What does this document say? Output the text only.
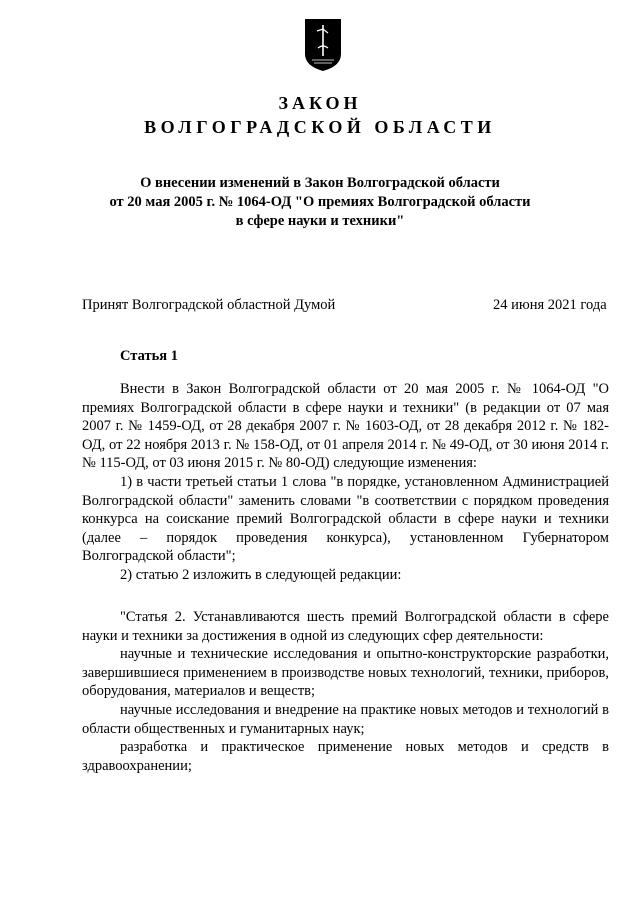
ЗАКОН
ВОЛГОГРАДСКОЙ ОБЛАСТИ
О внесении изменений в Закон Волгоградской области
от 20 мая 2005 г. № 1064-ОД "О премиях Волгоградской области
в сфере науки и техники"
Принят Волгоградской областной Думой	24 июня 2021 года
Статья 1

Внести в Закон Волгоградской области от 20 мая 2005 г. № 1064-ОД "О премиях Волгоградской области в сфере науки и техники" (в редакции от 07 мая 2007 г. № 1459-ОД, от 28 декабря 2007 г. № 1603-ОД, от 28 декабря 2012 г. № 182-ОД, от 22 ноября 2013 г. № 158-ОД, от 01 апреля 2014 г. № 49-ОД, от 30 июня 2014 г. № 115-ОД, от 03 июня 2015 г. № 80-ОД) следующие изменения:

1) в части третьей статьи 1 слова "в порядке, установленном Администрацией Волгоградской области" заменить словами "в соответствии с порядком проведения конкурса на соискание премий Волгоградской области в сфере науки и техники (далее – порядок проведения конкурса), установленном Губернатором Волгоградской области";

2) статью 2 изложить в следующей редакции:

"Статья 2. Устанавливаются шесть премий Волгоградской области в сфере науки и техники за достижения в одной из следующих сфер деятельности:

научные и технические исследования и опытно-конструкторские разработки, завершившиеся применением в производстве новых технологий, техники, приборов, оборудования, материалов и веществ;

научные исследования и внедрение на практике новых методов и технологий в области общественных и гуманитарных наук;

разработка и практическое применение новых методов и средств в здравоохранении;
